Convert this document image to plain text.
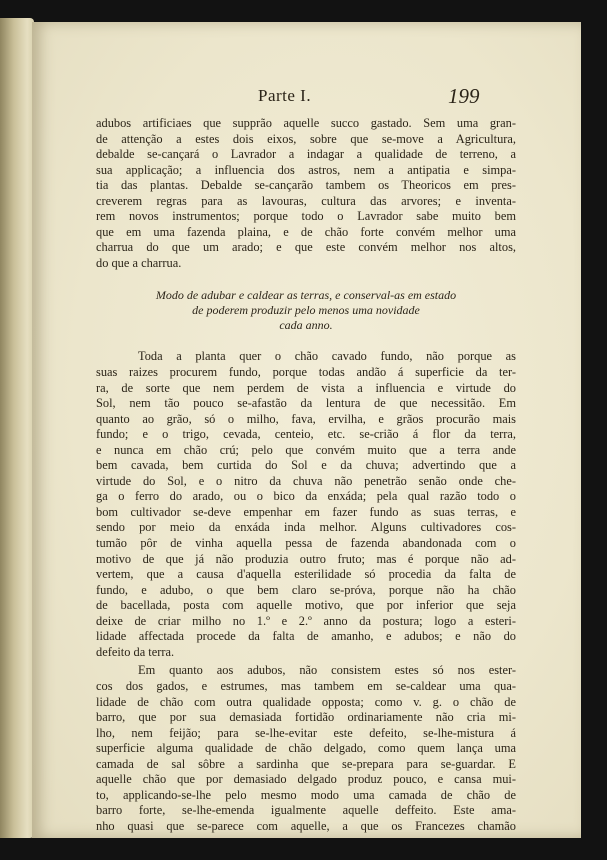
Parte I.	199
adubos artificiaes que supprão aquelle succo gastado. Sem uma gran-
de attenção a estes dois eixos, sobre que se-move a Agricultura,
debalde se-cançará o Lavrador a indagar a qualidade de terreno, a
sua applicação; a influencia dos astros, nem a antipatia e simpa-
tia das plantas. Debalde se-cançarão tambem os Theoricos em pres-
creverem regras para as lavouras, cultura das arvores; e inventa-
rem novos instrumentos; porque todo o Lavrador sabe muito bem
que em uma fazenda plaina, e de chão forte convém melhor uma
charrua do que um arado; e que este convém melhor nos altos,
do que a charrua.
Modo de adubar e caldear as terras, e conserval-as em estado
de poderem produzir pelo menos uma novidade
cada anno.
Toda a planta quer o chão cavado fundo, não porque as
suas raizes procurem fundo, porque todas andão á superficie da ter-
ra, de sorte que nem perdem de vista a influencia e virtude do
Sol, nem tão pouco se-afastão da lentura de que necessitão. Em
quanto ao grão, só o milho, fava, ervilha, e grãos procurão mais
fundo; e o trigo, cevada, centeio, etc. se-crião á flor da terra,
e nunca em chão crú; pelo que convém muito que a terra ande
bem cavada, bem curtida do Sol e da chuva; advertindo que a
virtude do Sol, e o nitro da chuva não penetrão senão onde che-
ga o ferro do arado, ou o bico da enxáda; pela qual razão todo o
bom cultivador se-deve empenhar em fazer fundo as suas terras, e
sendo por meio da enxáda inda melhor. Alguns cultivadores cos-
tumão pôr de vinha aquella pessa de fazenda abandonada com o
motivo de que já não produzia outro fruto; mas é porque não ad-
vertem, que a causa d'aquella esterilidade só procedia da falta de
fundo, e adubo, o que bem claro se-próva, porque não ha chão
de bacellada, posta com aquelle motivo, que por inferior que seja
deixe de criar milho no 1.º e 2.º anno da postura; logo a esteri-
lidade affectada procede da falta de amanho, e adubos; e não do
defeito da terra.
Em quanto aos adubos, não consistem estes só nos ester-
cos dos gados, e estrumes, mas tambem em se-caldear uma qua-
lidade de chão com outra qualidade opposta; como v. g. o chão de
barro, que por sua demasiada fortidão ordinariamente não cria mi-
lho, nem feijão; para se-lhe-evitar este defeito, se-lhe-mistura á
superficie alguma qualidade de chão delgado, como quem lança uma
camada de sal sôbre a sardinha que se-prepara para se-guardar. E
aquelle chão que por demasiado delgado produz pouco, e cansa mui-
to, applicando-se-lhe pelo mesmo modo uma camada de chão de
barro forte, se-lhe-emenda igualmente aquelle deffeito. Este ama-
nho quasi que se-parece com aquelle, a que os Francezes chamão
